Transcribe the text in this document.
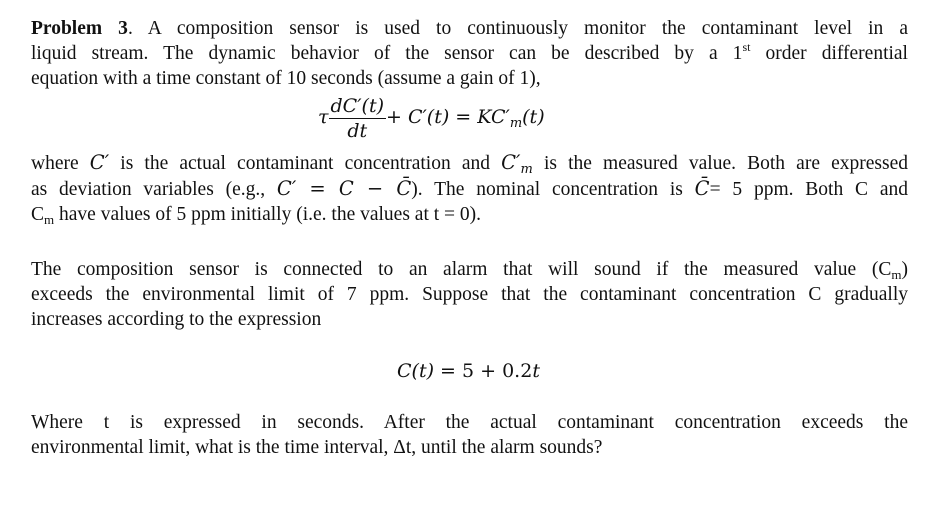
Problem 3. A composition sensor is used to continuously monitor the contaminant level in a
liquid stream. The dynamic behavior of the sensor can be described by a 1st order differential
equation with a time constant of 10 seconds (assume a gain of 1),
τ $\frac{dC'(t)}{dt} + C'(t) = KC'_m(t)$
where C′ is the actual contaminant concentration and $C'_m$ is the measured value. Both are expressed
as deviation variables (e.g., C′ = C − C̄). The nominal concentration is C̄= 5 ppm. Both C and
$C_m$ have values of 5 ppm initially (i.e. the values at t = 0).
The composition sensor is connected to an alarm that will sound if the measured value $(C_m)$
exceeds the environmental limit of 7 ppm. Suppose that the contaminant concentration C gradually
increases according to the expression
C(t) = 5 + 0.2t
Where t is expressed in seconds. After the actual contaminant concentration exceeds the
environmental limit, what is the time interval, Δt, until the alarm sounds?
